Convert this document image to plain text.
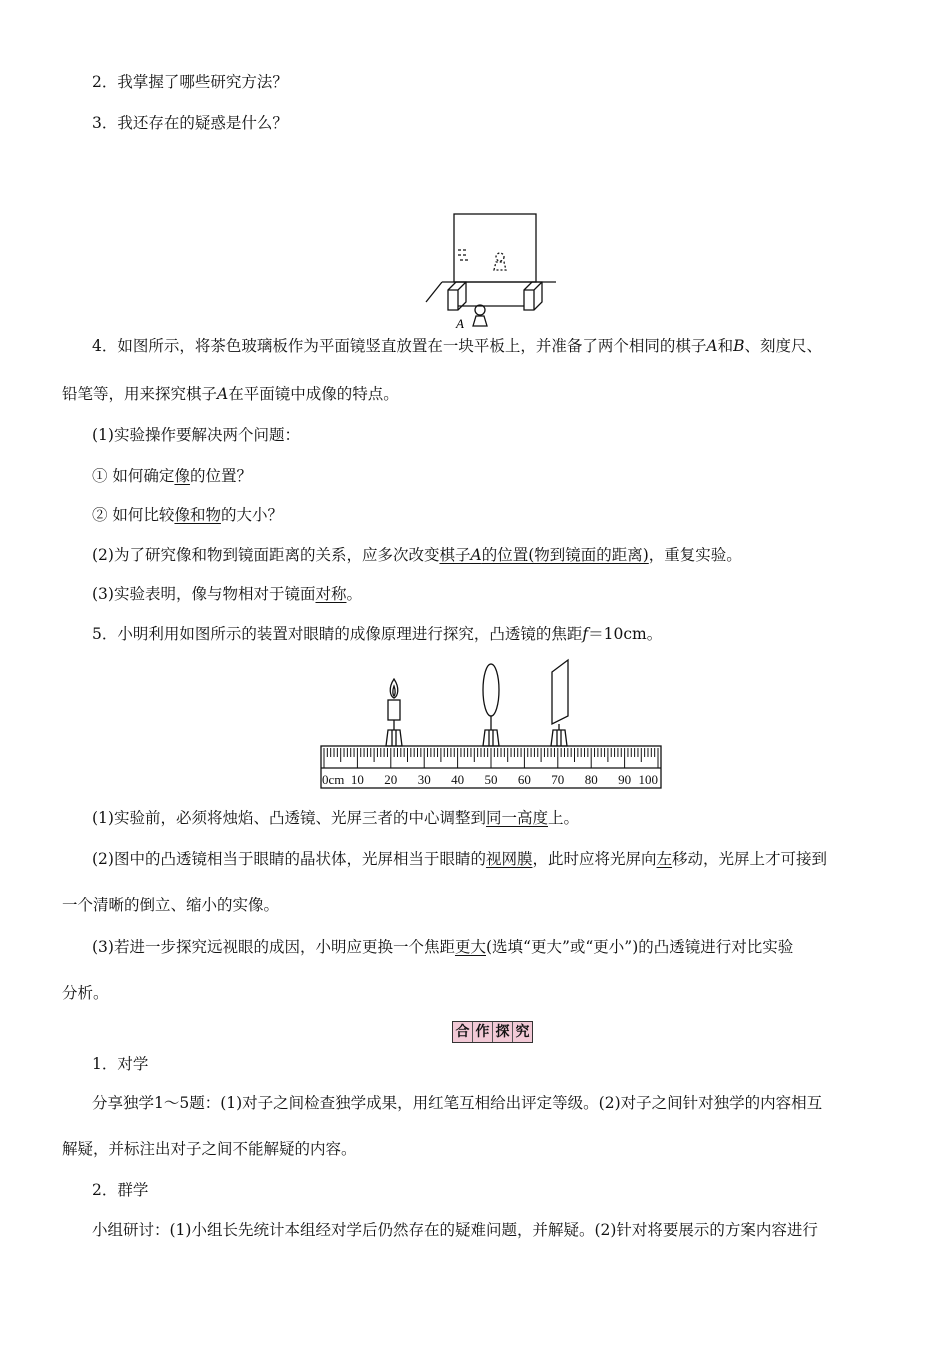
2．我掌握了哪些研究方法？
3．我还存在的疑惑是什么？
A
4．如图所示，将茶色玻璃板作为平面镜竖直放置在一块平板上，并准备了两个相同的棋子A和B、刻度尺、
铅笔等，用来探究棋子A在平面镜中成像的特点。
(1)实验操作要解决两个问题：
① 如何确定像的位置？
② 如何比较像和物的大小？
(2)为了研究像和物到镜面距离的关系，应多次改变棋子A的位置(物到镜面的距离)，重复实验。
(3)实验表明，像与物相对于镜面对称。
5．小明利用如图所示的装置对眼睛的成像原理进行探究，凸透镜的焦距f＝10cm。
0cm 10 20 30 40 50 60 70 80 90 100
(1)实验前，必须将烛焰、凸透镜、光屏三者的中心调整到同一高度上。
(2)图中的凸透镜相当于眼睛的晶状体，光屏相当于眼睛的视网膜，此时应将光屏向左移动，光屏上才可接到
一个清晰的倒立、缩小的实像。
(3)若进一步探究远视眼的成因，小明应更换一个焦距更大(选填“更大”或“更小”)的凸透镜进行对比实验
分析。
合 作 探 究
1．对学
分享独学1～5题：(1)对子之间检查独学成果，用红笔互相给出评定等级。(2)对子之间针对独学的内容相互
解疑，并标注出对子之间不能解疑的内容。
2．群学
小组研讨：(1)小组长先统计本组经对学后仍然存在的疑难问题，并解疑。(2)针对将要展示的方案内容进行
